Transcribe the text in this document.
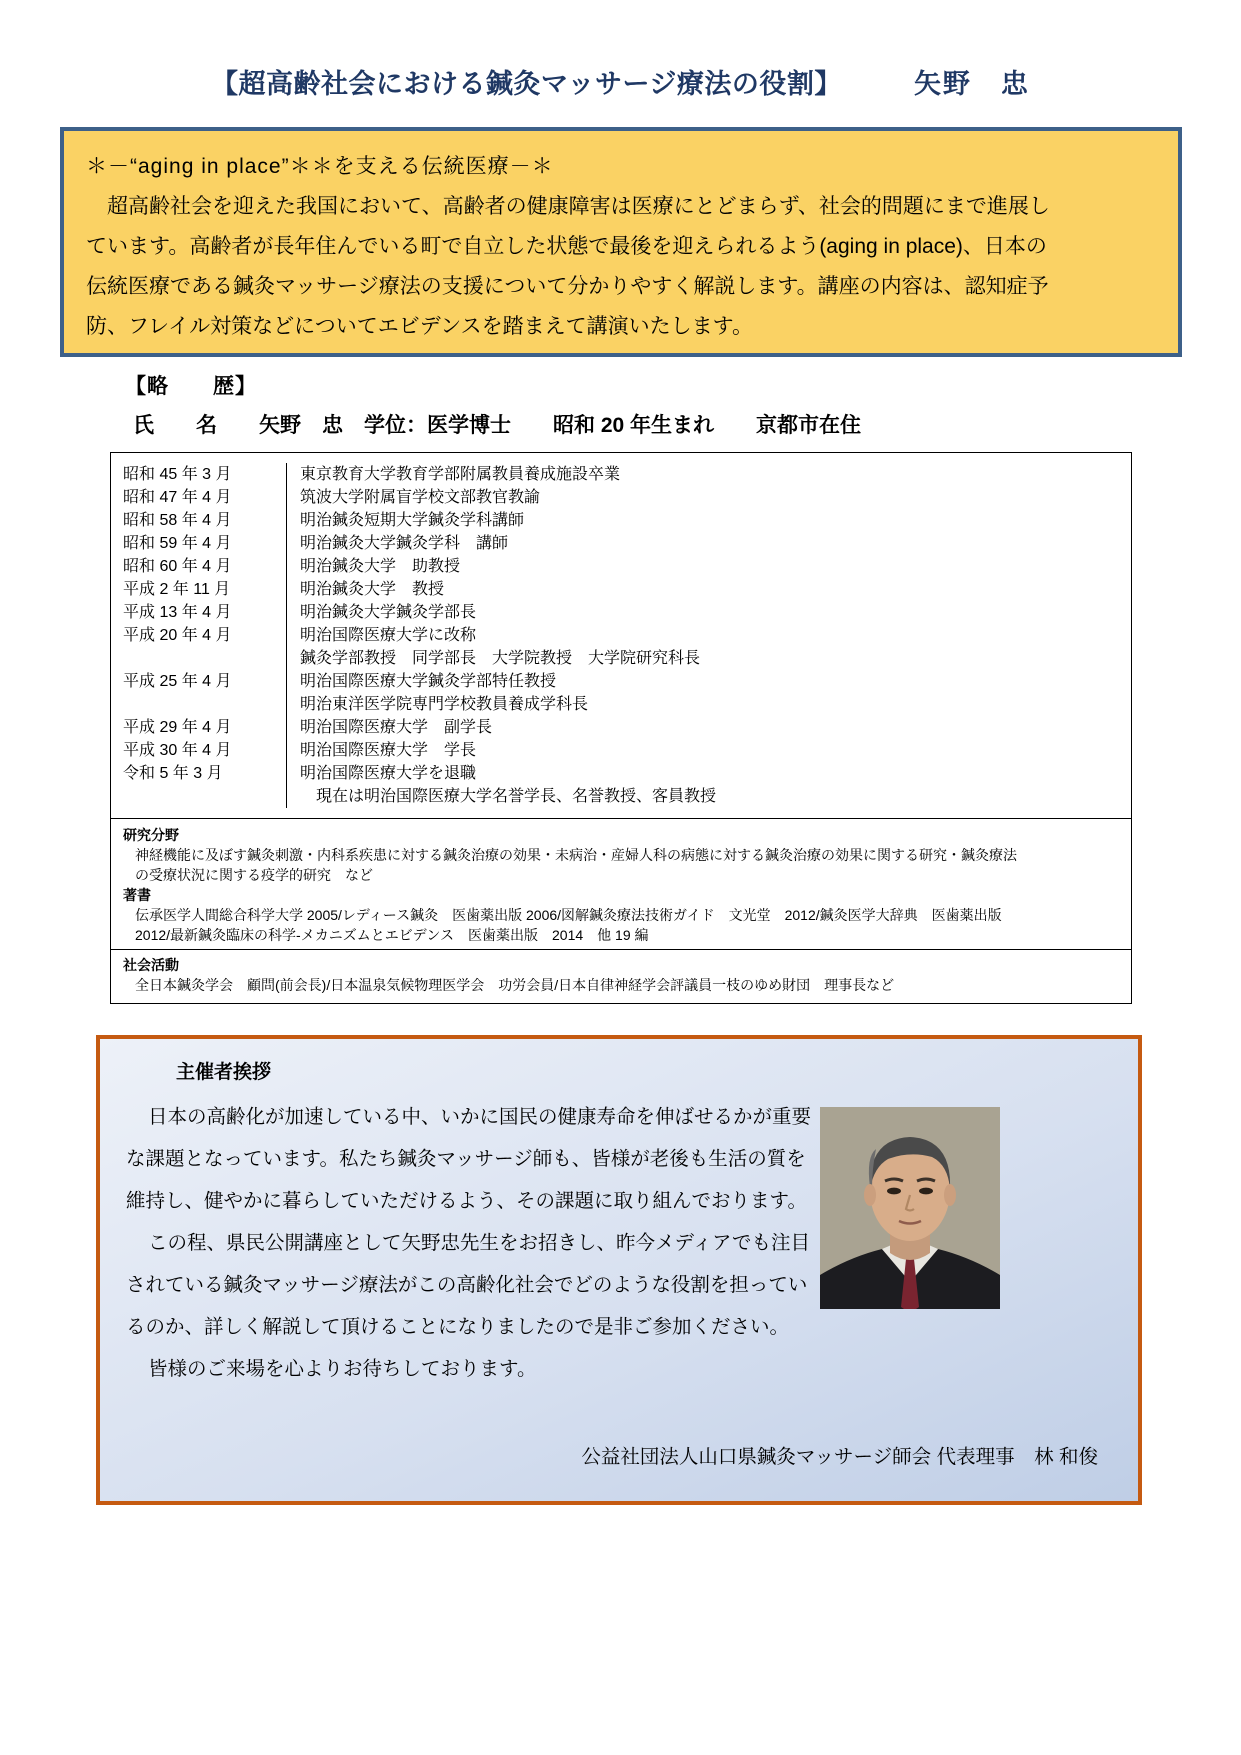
【超高齢社会における鍼灸マッサージ療法の役割】	矢野　忠
＊－“aging in place”＊＊を支える伝統医療－＊
　超高齢社会を迎えた我国において、高齢者の健康障害は医療にとどまらず、社会的問題にまで進展し
ています。高齢者が長年住んでいる町で自立した状態で最後を迎えられるよう(aging in place)、日本の
伝統医療である鍼灸マッサージ療法の支援について分かりやすく解説します。講座の内容は、認知症予
防、フレイル対策などについてエビデンスを踏まえて講演いたします。
【略　　歴】
氏　　名　　矢野　忠　学位：医学博士　　昭和 20 年生まれ　　京都市在住
昭和 45 年 3 月	東京教育大学教育学部附属教員養成施設卒業
昭和 47 年 4 月	筑波大学附属盲学校文部教官教諭
昭和 58 年 4 月	明治鍼灸短期大学鍼灸学科講師
昭和 59 年 4 月	明治鍼灸大学鍼灸学科　講師
昭和 60 年 4 月	明治鍼灸大学　助教授
平成 2 年 11 月	明治鍼灸大学　教授
平成 13 年 4 月	明治鍼灸大学鍼灸学部長
平成 20 年 4 月	明治国際医療大学に改称
鍼灸学部教授　同学部長　大学院教授　大学院研究科長
平成 25 年 4 月	明治国際医療大学鍼灸学部特任教授
明治東洋医学院専門学校教員養成学科長
平成 29 年 4 月	明治国際医療大学　副学長
平成 30 年 4 月	明治国際医療大学　学長
令和 5 年 3 月	明治国際医療大学を退職
　現在は明治国際医療大学名誉学長、名誉教授、客員教授
研究分野
神経機能に及ぼす鍼灸刺激・内科系疾患に対する鍼灸治療の効果・未病治・産婦人科の病態に対する鍼灸治療の効果に関する研究・鍼灸療法
の受療状況に関する疫学的研究　など
著書
伝承医学人間総合科学大学 2005/レディース鍼灸　医歯薬出版 2006/図解鍼灸療法技術ガイド　文光堂　2012/鍼灸医学大辞典　医歯薬出版
2012/最新鍼灸臨床の科学-メカニズムとエビデンス　医歯薬出版　2014　他 19 編
社会活動
全日本鍼灸学会　顧問(前会長)/日本温泉気候物理医学会　功労会員/日本自律神経学会評議員一枝のゆめ財団　理事長など
主催者挨拶

日本の高齢化が加速している中、いかに国民の健康寿命を伸ばせるかが重要な課題となっています。私たち鍼灸マッサージ師も、皆様が老後も生活の質を維持し、健やかに暮らしていただけるよう、その課題に取り組んでおります。

この程、県民公開講座として矢野忠先生をお招きし、昨今メディアでも注目されている鍼灸マッサージ療法がこの高齢化社会でどのような役割を担っているのか、詳しく解説して頂けることになりましたので是非ご参加ください。

皆様のご来場を心よりお待ちしております。

公益社団法人山口県鍼灸マッサージ師会 代表理事　林 和俊
